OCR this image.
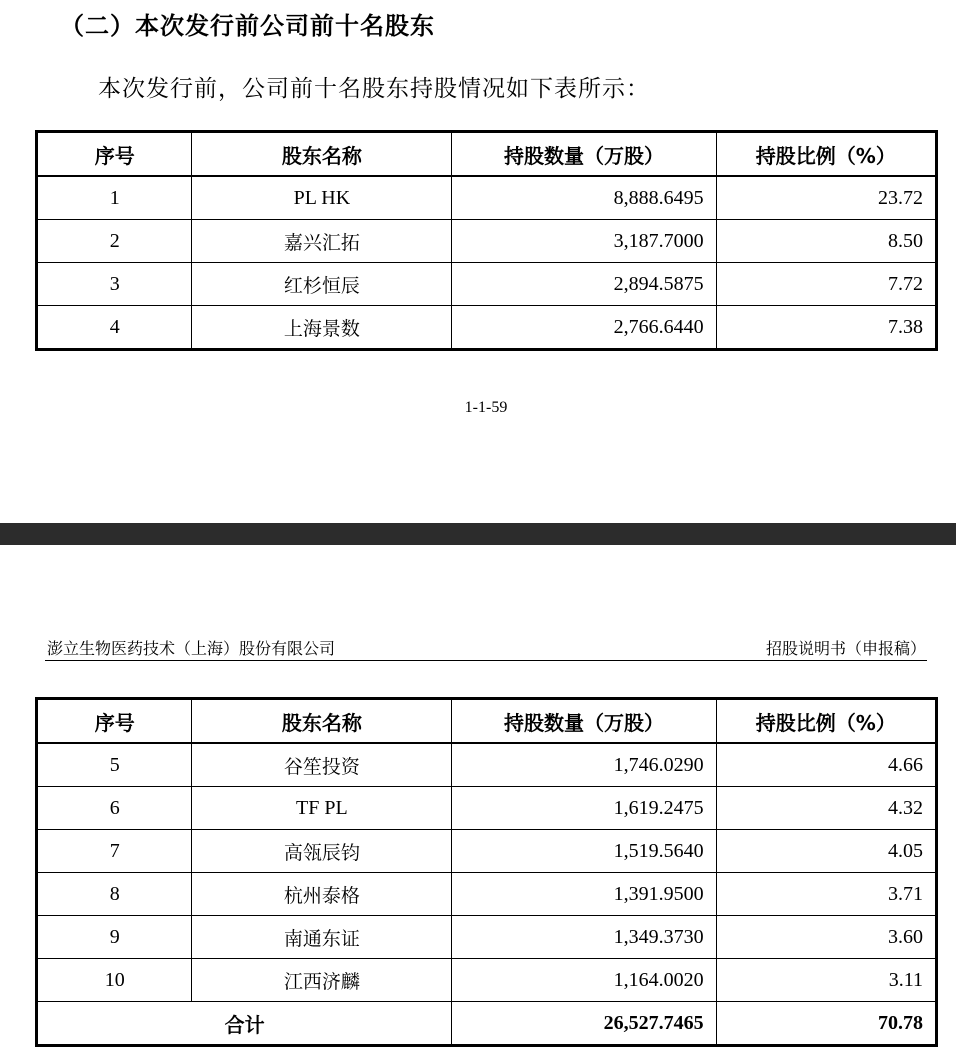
（二）本次发行前公司前十名股东
本次发行前，公司前十名股东持股情况如下表所示：
序号	股东名称	持股数量（万股）	持股比例（%）
1	PL HK	8,888.6495	23.72
2	嘉兴汇拓	3,187.7000	8.50
3	红杉恒辰	2,894.5875	7.72
4	上海景数	2,766.6440	7.38
1-1-59
澎立生物医药技术（上海）股份有限公司	招股说明书（申报稿）
序号	股东名称	持股数量（万股）	持股比例（%）
5	谷笙投资	1,746.0290	4.66
6	TF PL	1,619.2475	4.32
7	高瓴辰钧	1,519.5640	4.05
8	杭州泰格	1,391.9500	3.71
9	南通东证	1,349.3730	3.60
10	江西济麟	1,164.0020	3.11
合计		26,527.7465	70.78
